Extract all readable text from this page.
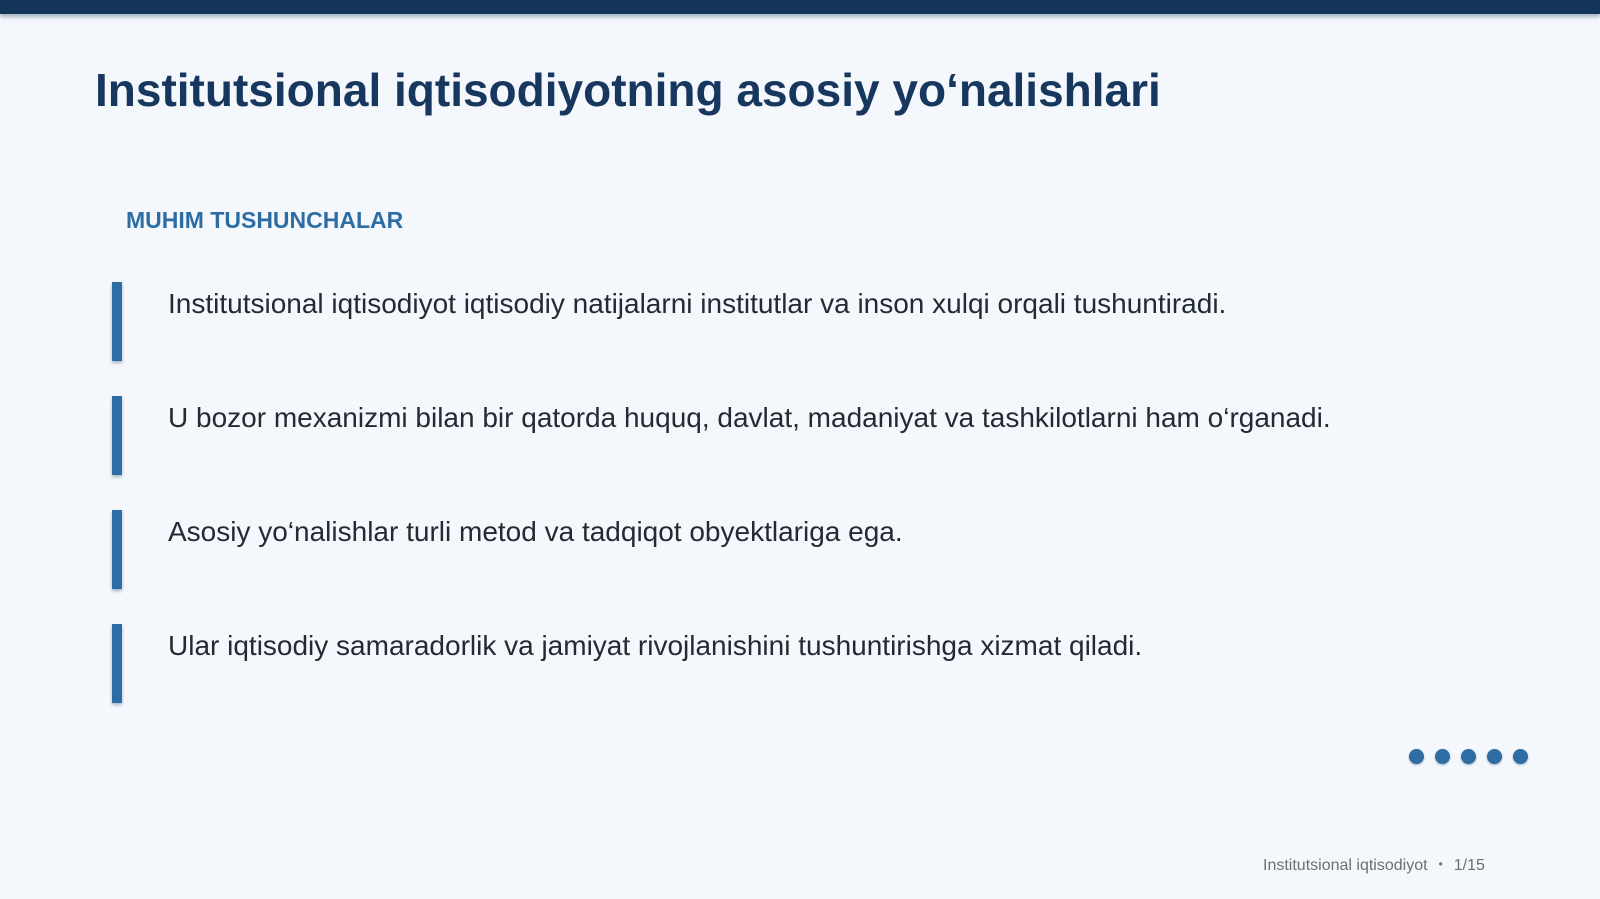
Institutsional iqtisodiyotning asosiy yo‘nalishlari
MUHIM TUSHUNCHALAR
Institutsional iqtisodiyot iqtisodiy natijalarni institutlar va inson xulqi orqali tushuntiradi.
U bozor mexanizmi bilan bir qatorda huquq, davlat, madaniyat va tashkilotlarni ham o‘rganadi.
Asosiy yo‘nalishlar turli metod va tadqiqot obyektlariga ega.
Ular iqtisodiy samaradorlik va jamiyat rivojlanishini tushuntirishga xizmat qiladi.
Institutsional iqtisodiyot • 1/15
